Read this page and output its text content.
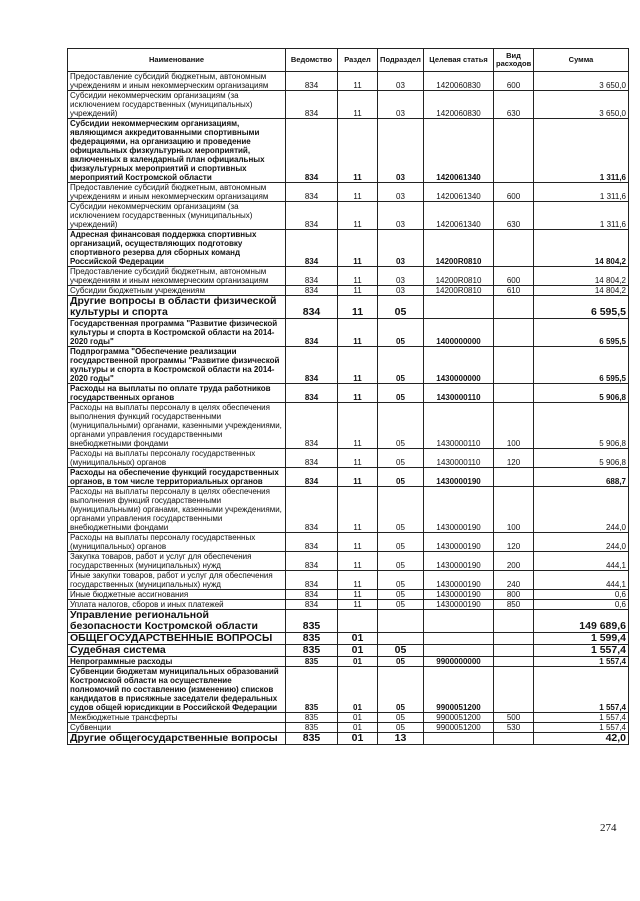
Наименование	Ведомство	Раздел	Подраздел	Целевая статья	Вид расходов	Сумма
Предоставление субсидий бюджетным, автономным учреждениям и иным некоммерческим организациям	834	11	03	1420060830	600	3 650,0
Субсидии некоммерческим организациям (за исключением государственных (муниципальных) учреждений)	834	11	03	1420060830	630	3 650,0
Субсидии некоммерческим организациям, являющимся аккредитованными спортивными федерациями, на организацию и проведение официальных физкультурных мероприятий, включенных в календарный план официальных физкультурных мероприятий и спортивных мероприятий Костромской области	834	11	03	1420061340		1 311,6
Предоставление субсидий бюджетным, автономным учреждениям и иным некоммерческим организациям	834	11	03	1420061340	600	1 311,6
Субсидии некоммерческим организациям (за исключением государственных (муниципальных) учреждений)	834	11	03	1420061340	630	1 311,6
Адресная финансовая поддержка спортивных организаций, осуществляющих подготовку спортивного резерва для сборных команд Российской Федерации	834	11	03	14200R0810		14 804,2
Предоставление субсидий бюджетным, автономным учреждениям и иным некоммерческим организациям	834	11	03	14200R0810	600	14 804,2
Субсидии бюджетным учреждениям	834	11	03	14200R0810	610	14 804,2
Другие вопросы в области физической культуры и спорта	834	11	05			6 595,5
Государственная программа "Развитие физической культуры и спорта в Костромской области на 2014-2020 годы"	834	11	05	1400000000		6 595,5
Подпрограмма "Обеспечение реализации государственной программы "Развитие физической культуры и спорта в Костромской области на 2014-2020 годы"	834	11	05	1430000000		6 595,5
Расходы на выплаты по оплате труда работников государственных органов	834	11	05	1430000110		5 906,8
Расходы на выплаты персоналу в целях обеспечения выполнения функций государственными (муниципальными) органами, казенными учреждениями, органами управления государственными внебюджетными фондами	834	11	05	1430000110	100	5 906,8
Расходы на выплаты персоналу государственных (муниципальных) органов	834	11	05	1430000110	120	5 906,8
Расходы на обеспечение функций государственных органов, в том числе территориальных органов	834	11	05	1430000190		688,7
Расходы на выплаты персоналу в целях обеспечения выполнения функций государственными (муниципальными) органами, казенными учреждениями, органами управления государственными внебюджетными фондами	834	11	05	1430000190	100	244,0
Расходы на выплаты персоналу государственных (муниципальных) органов	834	11	05	1430000190	120	244,0
Закупка товаров, работ и услуг для обеспечения государственных (муниципальных) нужд	834	11	05	1430000190	200	444,1
Иные закупки товаров, работ и услуг для обеспечения государственных (муниципальных) нужд	834	11	05	1430000190	240	444,1
Иные бюджетные ассигнования	834	11	05	1430000190	800	0,6
Уплата налогов, сборов и иных платежей	834	11	05	1430000190	850	0,6
Управление региональной безопасности Костромской области	835					149 689,6
ОБЩЕГОСУДАРСТВЕННЫЕ ВОПРОСЫ	835	01				1 599,4
Судебная система	835	01	05			1 557,4
Непрограммные расходы	835	01	05	9900000000		1 557,4
Субвенции бюджетам муниципальных образований Костромской области на осуществление полномочий по составлению (изменению) списков кандидатов в присяжные заседатели федеральных судов общей юрисдикции в Российской Федерации	835	01	05	9900051200		1 557,4
Межбюджетные трансферты	835	01	05	9900051200	500	1 557,4
Субвенции	835	01	05	9900051200	530	1 557,4
Другие общегосударственные вопросы	835	01	13			42,0
274
